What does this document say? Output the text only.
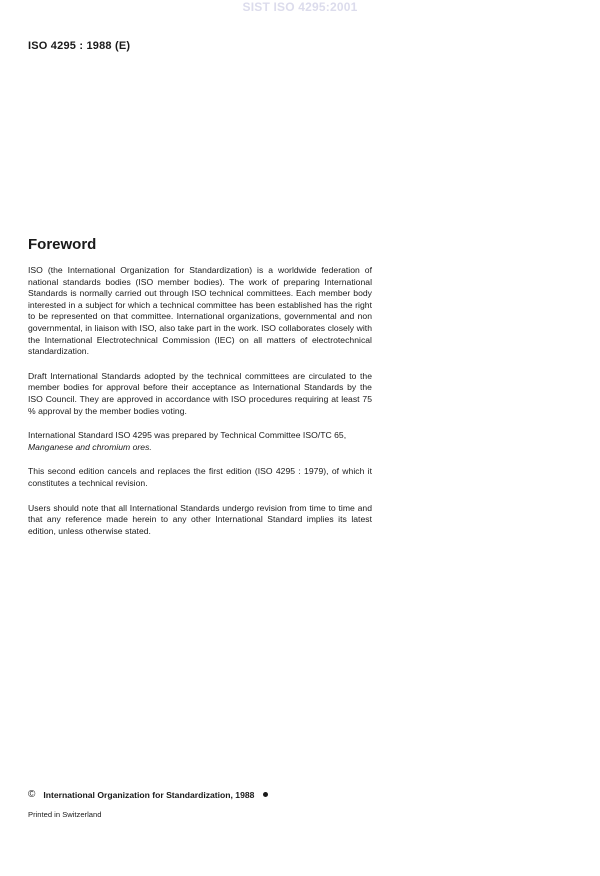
SIST ISO 4295:2001
ISO 4295 : 1988 (E)
Foreword

ISO (the International Organization for Standardization) is a worldwide federation of national standards bodies (ISO member bodies). The work of preparing International Standards is normally carried out through ISO technical committees. Each member body interested in a subject for which a technical committee has been established has the right to be represented on that committee. International organizations, governmental and non governmental, in liaison with ISO, also take part in the work. ISO collaborates closely with the International Electrotechnical Commission (IEC) on all matters of electrotechnical standardization.

Draft International Standards adopted by the technical committees are circulated to the member bodies for approval before their acceptance as International Standards by the ISO Council. They are approved in accordance with ISO procedures requiring at least 75 % approval by the member bodies voting.

International Standard ISO 4295 was prepared by Technical Committee ISO/TC 65,
Manganese and chromium ores.

This second edition cancels and replaces the first edition (ISO 4295 : 1979), of which it constitutes a technical revision.

Users should note that all International Standards undergo revision from time to time and that any reference made herein to any other International Standard implies its latest edition, unless otherwise stated.

© International Organization for Standardization, 1988
Printed in Switzerland
